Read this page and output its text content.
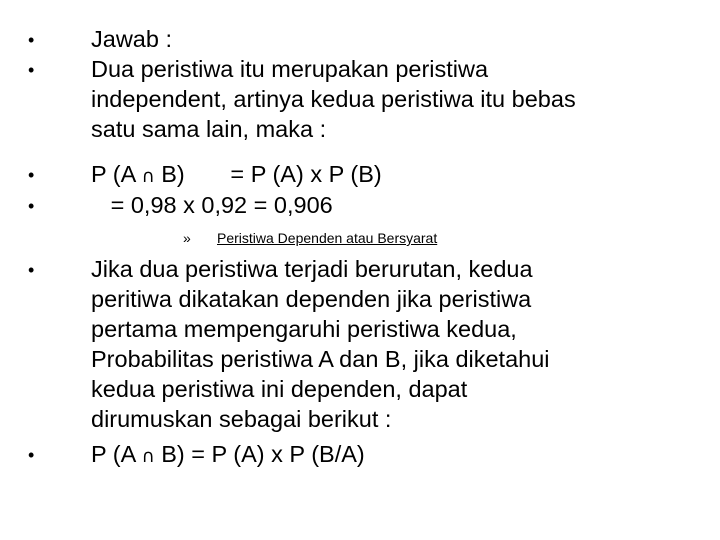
•
•
•
•
Jawab :
Dua peristiwa itu merupakan peristiwa
independent, artinya kedua peristiwa itu bebas
satu sama lain, maka :
P (A ∩ B)       = P (A) x P (B)
= 0,98 x 0,92 = 0,906
» Peristiwa Dependen atau Bersyarat
•
•
Jika dua peristiwa terjadi berurutan, kedua
peritiwa dikatakan dependen jika peristiwa
pertama mempengaruhi peristiwa kedua,
Probabilitas peristiwa A dan B, jika diketahui
kedua peristiwa ini dependen, dapat
dirumuskan sebagai berikut :
P (A ∩ B) = P (A) x P (B/A)
